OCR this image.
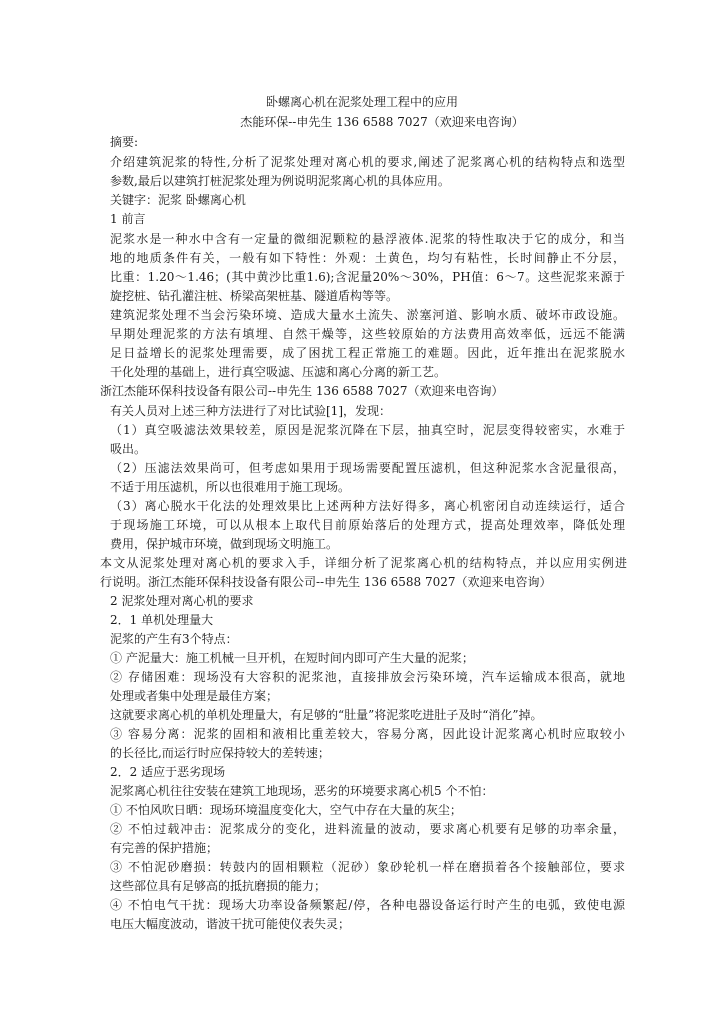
卧螺离心机在泥浆处理工程中的应用
杰能环保--申先生 136 6588 7027（欢迎来电咨询）
摘要:
介绍建筑泥浆的特性,分析了泥浆处理对离心机的要求,阐述了泥浆离心机的结构特点和选型
参数,最后以建筑打桩泥浆处理为例说明泥浆离心机的具体应用。
关键字：泥浆 卧螺离心机
1 前言
泥浆水是一种水中含有一定量的微细泥颗粒的悬浮液体.泥浆的特性取决于它的成分，和当
地的地质条件有关，一般有如下特性：外观：土黄色，均匀有粘性，长时间静止不分层，
比重：1.20～1.46；(其中黄沙比重1.6);含泥量20%～30%，PH值：6～7。这些泥浆来源于
旋挖桩、钻孔灌注桩、桥梁高架桩基、隧道盾构等等。
建筑泥浆处理不当会污染环境、造成大量水土流失、淤塞河道、影响水质、破坏市政设施。
早期处理泥浆的方法有填埋、自然干燥等，这些较原始的方法费用高效率低，远远不能满
足日益增长的泥浆处理需要，成了困扰工程正常施工的难题。因此，近年推出在泥浆脱水
干化处理的基础上，进行真空吸滤、压滤和离心分离的新工艺。
浙江杰能环保科技设备有限公司--申先生 136 6588 7027（欢迎来电咨询）
有关人员对上述三种方法进行了对比试验[1]，发现：
（1）真空吸滤法效果较差，原因是泥浆沉降在下层，抽真空时，泥层变得较密实，水难于
吸出。
（2）压滤法效果尚可，但考虑如果用于现场需要配置压滤机，但这种泥浆水含泥量很高，
不适于用压滤机，所以也很难用于施工现场。
（3）离心脱水干化法的处理效果比上述两种方法好得多，离心机密闭自动连续运行，适合
于现场施工环境，可以从根本上取代目前原始落后的处理方式，提高处理效率，降低处理
费用，保护城市环境，做到现场文明施工。
本文从泥浆处理对离心机的要求入手，详细分析了泥浆离心机的结构特点，并以应用实例进
行说明。浙江杰能环保科技设备有限公司--申先生 136 6588 7027（欢迎来电咨询）
2 泥浆处理对离心机的要求
2．1 单机处理量大
泥浆的产生有3个特点：
① 产泥量大：施工机械一旦开机，在短时间内即可产生大量的泥浆；
② 存储困难：现场没有大容积的泥浆池，直接排放会污染环境，汽车运输成本很高，就地
处理或者集中处理是最佳方案；
这就要求离心机的单机处理量大，有足够的“肚量”将泥浆吃进肚子及时“消化”掉。
③ 容易分离：泥浆的固相和液相比重差较大，容易分离，因此设计泥浆离心机时应取较小
的长径比,而运行时应保持较大的差转速；
2．2 适应于恶劣现场
泥浆离心机往往安装在建筑工地现场，恶劣的环境要求离心机5 个不怕：
① 不怕风吹日晒：现场环境温度变化大，空气中存在大量的灰尘；
② 不怕过载冲击：泥浆成分的变化，进料流量的波动，要求离心机要有足够的功率余量，
有完善的保护措施；
③ 不怕泥砂磨损：转鼓内的固相颗粒（泥砂）象砂轮机一样在磨损着各个接触部位，要求
这些部位具有足够高的抵抗磨损的能力；
④ 不怕电气干扰：现场大功率设备频繁起/停，各种电器设备运行时产生的电弧，致使电源
电压大幅度波动，谐波干扰可能使仪表失灵；
